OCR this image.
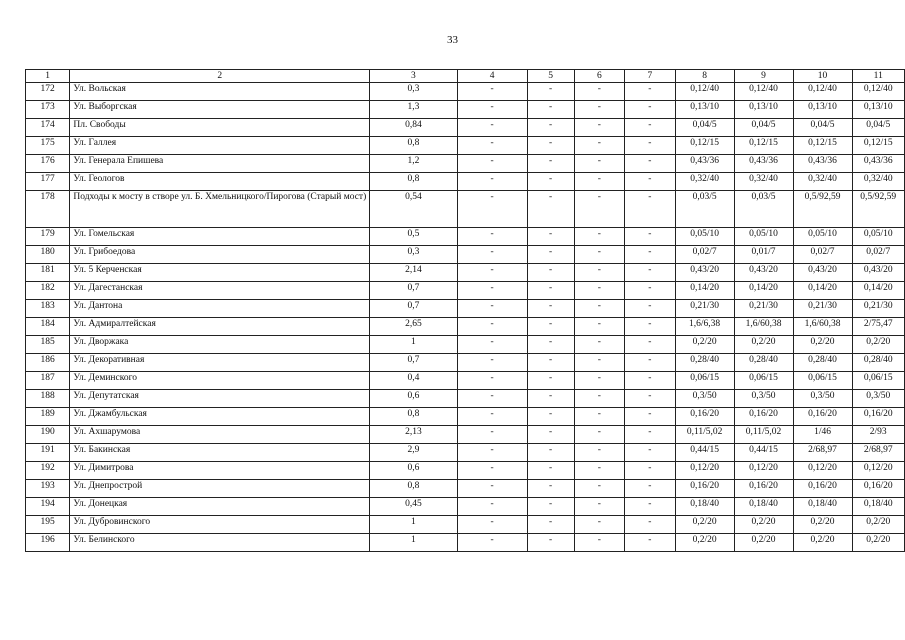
33
1	2	3	4	5	6	7	8	9	10	11
172	Ул. Вольская	0,3	-	-	-	-	0,12/40	0,12/40	0,12/40	0,12/40
173	Ул. Выборгская	1,3	-	-	-	-	0,13/10	0,13/10	0,13/10	0,13/10
174	Пл. Свободы	0,84	-	-	-	-	0,04/5	0,04/5	0,04/5	0,04/5
175	Ул. Галлея	0,8	-	-	-	-	0,12/15	0,12/15	0,12/15	0,12/15
176	Ул. Генерала Епишева	1,2	-	-	-	-	0,43/36	0,43/36	0,43/36	0,43/36
177	Ул. Геологов	0,8	-	-	-	-	0,32/40	0,32/40	0,32/40	0,32/40
178	Подходы к мосту в створе ул. Б. Хмельницкого/Пирогова (Старый мост)	0,54	-	-	-	-	0,03/5	0,03/5	0,5/92,59	0,5/92,59
179	Ул. Гомельская	0,5	-	-	-	-	0,05/10	0,05/10	0,05/10	0,05/10
180	Ул. Грибоедова	0,3	-	-	-	-	0,02/7	0,01/7	0,02/7	0,02/7
181	Ул. 5 Керченская	2,14	-	-	-	-	0,43/20	0,43/20	0,43/20	0,43/20
182	Ул. Дагестанская	0,7	-	-	-	-	0,14/20	0,14/20	0,14/20	0,14/20
183	Ул. Дантона	0,7	-	-	-	-	0,21/30	0,21/30	0,21/30	0,21/30
184	Ул. Адмиралтейская	2,65	-	-	-	-	1,6/6,38	1,6/60,38	1,6/60,38	2/75,47
185	Ул. Дворжака	1	-	-	-	-	0,2/20	0,2/20	0,2/20	0,2/20
186	Ул. Декоративная	0,7	-	-	-	-	0,28/40	0,28/40	0,28/40	0,28/40
187	Ул. Деминского	0,4	-	-	-	-	0,06/15	0,06/15	0,06/15	0,06/15
188	Ул. Депутатская	0,6	-	-	-	-	0,3/50	0,3/50	0,3/50	0,3/50
189	Ул. Джамбульская	0,8	-	-	-	-	0,16/20	0,16/20	0,16/20	0,16/20
190	Ул. Ахшарумова	2,13	-	-	-	-	0,11/5,02	0,11/5,02	1/46	2/93
191	Ул. Бакинская	2,9	-	-	-	-	0,44/15	0,44/15	2/68,97	2/68,97
192	Ул. Димитрова	0,6	-	-	-	-	0,12/20	0,12/20	0,12/20	0,12/20
193	Ул. Днепрострой	0,8	-	-	-	-	0,16/20	0,16/20	0,16/20	0,16/20
194	Ул. Донецкая	0,45	-	-	-	-	0,18/40	0,18/40	0,18/40	0,18/40
195	Ул. Дубровинского	1	-	-	-	-	0,2/20	0,2/20	0,2/20	0,2/20
196	Ул. Белинского	1	-	-	-	-	0,2/20	0,2/20	0,2/20	0,2/20
